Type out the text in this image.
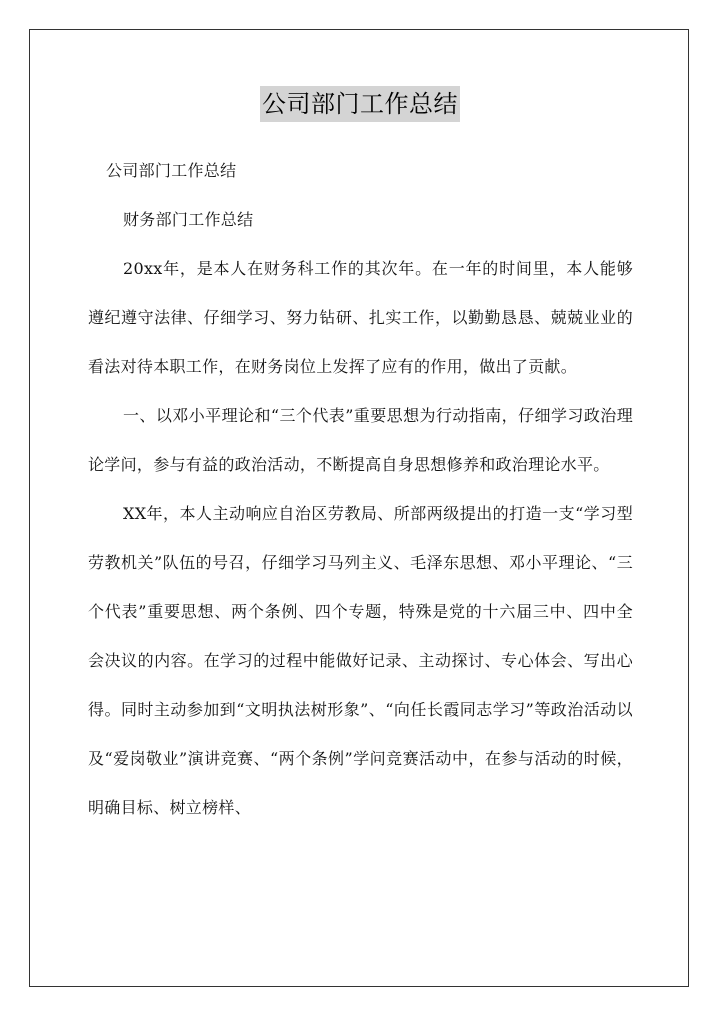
公司部门工作总结

公司部门工作总结

财务部门工作总结

20xx年，是本人在财务科工作的其次年。在一年的时间里，本人能够遵纪遵守法律、仔细学习、努力钻研、扎实工作，以勤勤恳恳、兢兢业业的看法对待本职工作，在财务岗位上发挥了应有的作用，做出了贡献。

一、以邓小平理论和“三个代表”重要思想为行动指南，仔细学习政治理论学问，参与有益的政治活动，不断提高自身思想修养和政治理论水平。

XX年，本人主动响应自治区劳教局、所部两级提出的打造一支“学习型劳教机关”队伍的号召，仔细学习马列主义、毛泽东思想、邓小平理论、“三个代表”重要思想、两个条例、四个专题，特殊是党的十六届三中、四中全会决议的内容。在学习的过程中能做好记录、主动探讨、专心体会、写出心得。同时主动参加到“文明执法树形象”、“向任长霞同志学习”等政治活动以及“爱岗敬业”演讲竞赛、“两个条例”学问竞赛活动中，在参与活动的时候，明确目标、树立榜样、
